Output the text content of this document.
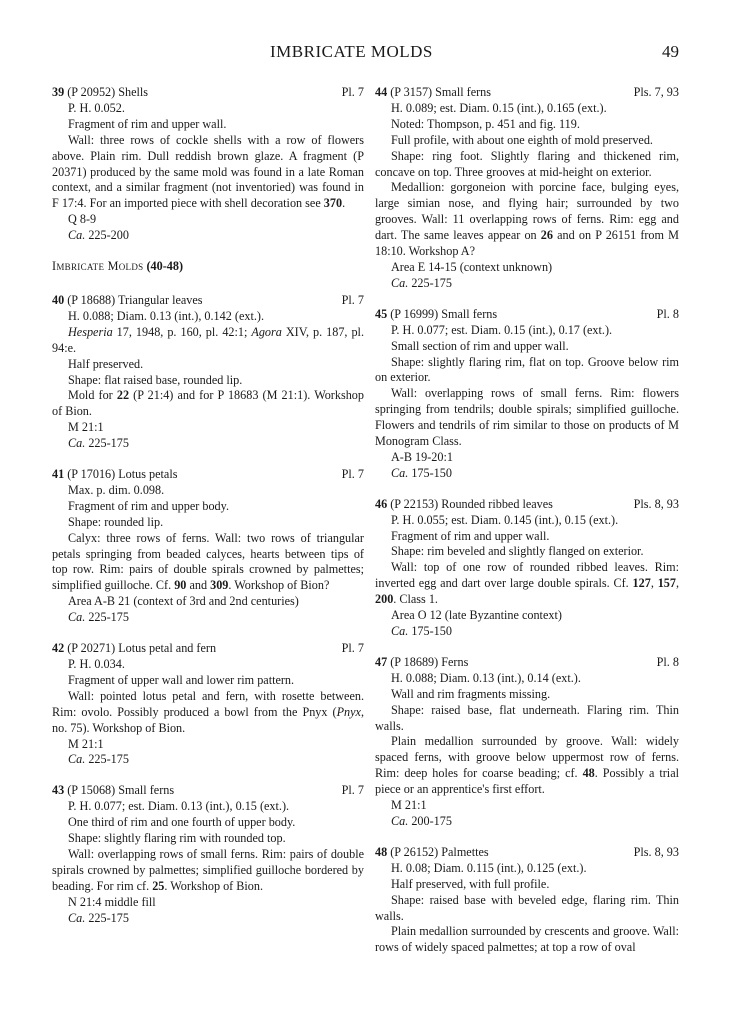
IMBRICATE MOLDS	49
39 (P 20952) Shells	Pl. 7
P. H. 0.052.

Fragment of rim and upper wall.

Wall: three rows of cockle shells with a row of flowers above. Plain rim. Dull reddish brown glaze. A fragment (P 20371) produced by the same mold was found in a late Roman context, and a similar fragment (not inventoried) was found in F 17:4. For an imported piece with shell decoration see 370.

Q 8-9
Ca. 225-200
Imbricate Molds (40-48)
40 (P 18688) Triangular leaves	Pl. 7
H. 0.088; Diam. 0.13 (int.), 0.142 (ext.).

Hesperia 17, 1948, p. 160, pl. 42:1; Agora XIV, p. 187, pl. 94:e.

Half preserved.

Shape: flat raised base, rounded lip.

Mold for 22 (P 21:4) and for P 18683 (M 21:1). Workshop of Bion.

M 21:1
Ca. 225-175
41 (P 17016) Lotus petals	Pl. 7
Max. p. dim. 0.098.

Fragment of rim and upper body.

Shape: rounded lip.

Calyx: three rows of ferns. Wall: two rows of triangular petals springing from beaded calyces, hearts between tips of top row. Rim: pairs of double spirals crowned by palmettes; simplified guilloche. Cf. 90 and 309. Workshop of Bion?

Area A-B 21 (context of 3rd and 2nd centuries)
Ca. 225-175
42 (P 20271) Lotus petal and fern	Pl. 7
P. H. 0.034.

Fragment of upper wall and lower rim pattern.

Wall: pointed lotus petal and fern, with rosette between. Rim: ovolo. Possibly produced a bowl from the Pnyx (Pnyx, no. 75). Workshop of Bion.

M 21:1
Ca. 225-175
43 (P 15068) Small ferns	Pl. 7
P. H. 0.077; est. Diam. 0.13 (int.), 0.15 (ext.).

One third of rim and one fourth of upper body.

Shape: slightly flaring rim with rounded top.

Wall: overlapping rows of small ferns. Rim: pairs of double spirals crowned by palmettes; simplified guilloche bordered by beading. For rim cf. 25. Workshop of Bion.

N 21:4 middle fill
Ca. 225-175
44 (P 3157) Small ferns	Pls. 7, 93
H. 0.089; est. Diam. 0.15 (int.), 0.165 (ext.).
Noted: Thompson, p. 451 and fig. 119.

Full profile, with about one eighth of mold preserved.

Shape: ring foot. Slightly flaring and thickened rim, concave on top. Three grooves at mid-height on exterior.

Medallion: gorgoneion with porcine face, bulging eyes, large simian nose, and flying hair; surrounded by two grooves. Wall: 11 overlapping rows of ferns. Rim: egg and dart. The same leaves appear on 26 and on P 26151 from M 18:10. Workshop A?

Area E 14-15 (context unknown)
Ca. 225-175
45 (P 16999) Small ferns	Pl. 8
P. H. 0.077; est. Diam. 0.15 (int.), 0.17 (ext.).

Small section of rim and upper wall.

Shape: slightly flaring rim, flat on top. Groove below rim on exterior.

Wall: overlapping rows of small ferns. Rim: flowers springing from tendrils; double spirals; simplified guilloche. Flowers and tendrils of rim similar to those on products of M Monogram Class.

A-B 19-20:1
Ca. 175-150
46 (P 22153) Rounded ribbed leaves	Pls. 8, 93
P. H. 0.055; est. Diam. 0.145 (int.), 0.15 (ext.).

Fragment of rim and upper wall.

Shape: rim beveled and slightly flanged on exterior.

Wall: top of one row of rounded ribbed leaves. Rim: inverted egg and dart over large double spirals. Cf. 127, 157, 200. Class 1.

Area O 12 (late Byzantine context)
Ca. 175-150
47 (P 18689) Ferns	Pl. 8
H. 0.088; Diam. 0.13 (int.), 0.14 (ext.).
Wall and rim fragments missing.

Shape: raised base, flat underneath. Flaring rim. Thin walls.

Plain medallion surrounded by groove. Wall: widely spaced ferns, with groove below uppermost row of ferns. Rim: deep holes for coarse beading; cf. 48. Possibly a trial piece or an apprentice's first effort.

M 21:1
Ca. 200-175
48 (P 26152) Palmettes	Pls. 8, 93
H. 0.08; Diam. 0.115 (int.), 0.125 (ext.).
Half preserved, with full profile.

Shape: raised base with beveled edge, flaring rim. Thin walls.

Plain medallion surrounded by crescents and groove. Wall: rows of widely spaced palmettes; at top a row of oval
